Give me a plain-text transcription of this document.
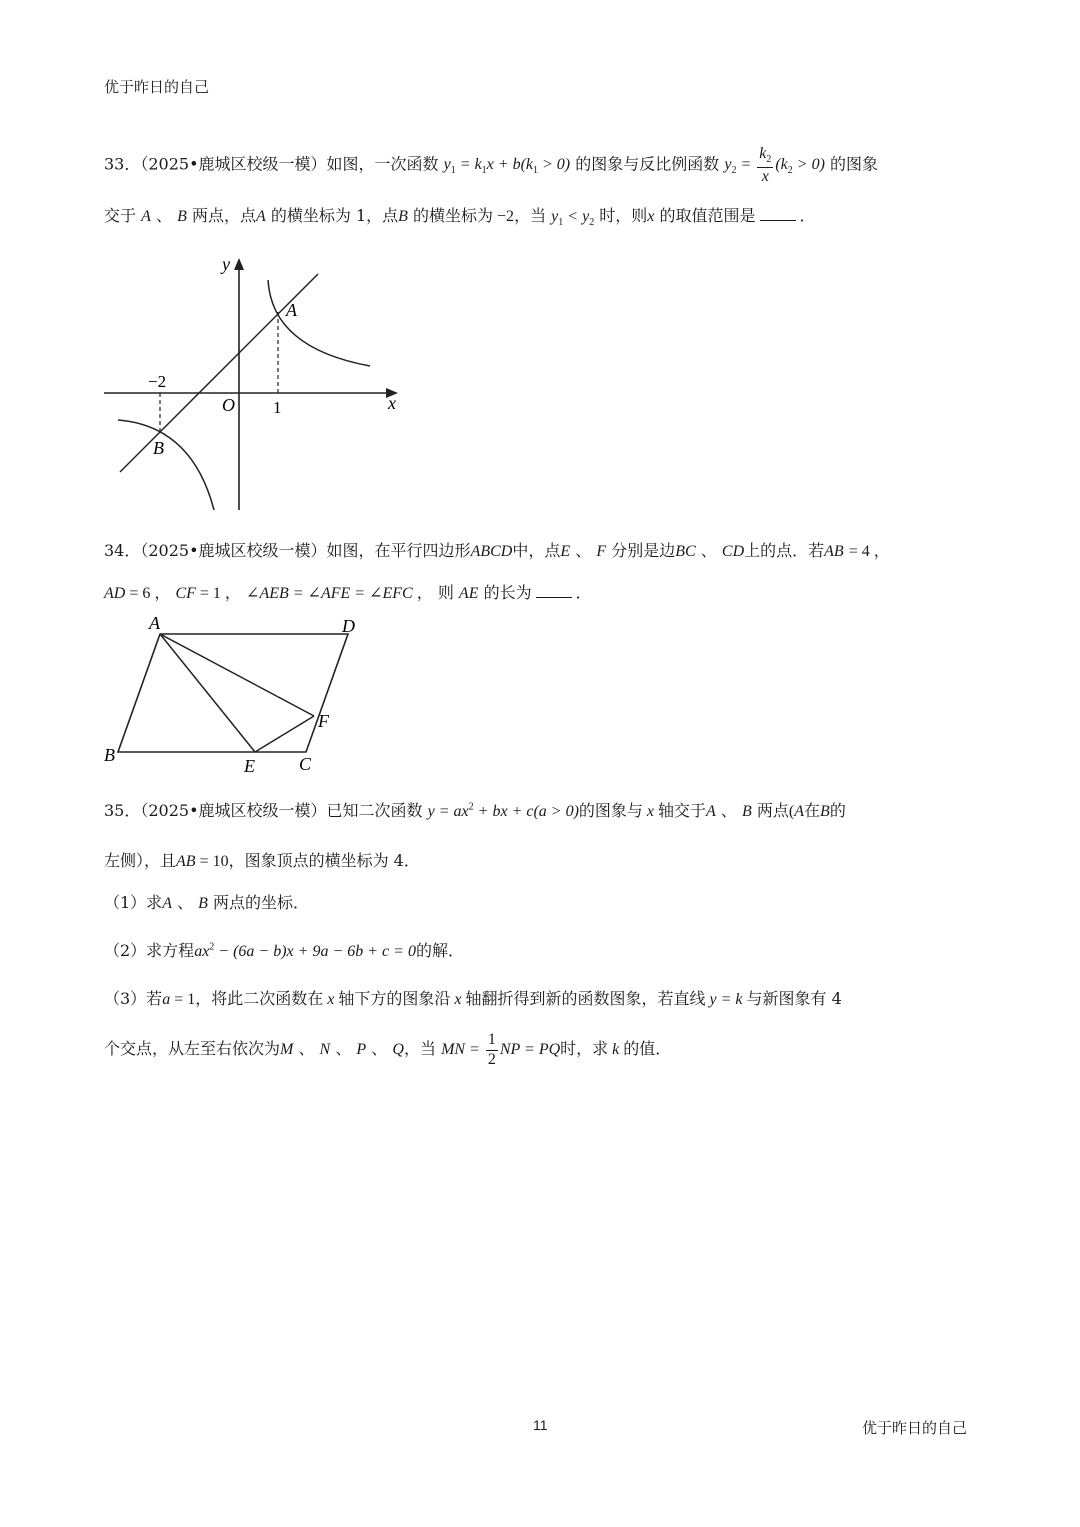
优于昨日的自己
33．（2025•鹿城区校级一模）如图，一次函数 $y_1 = k_1x + b(k_1 > 0)$ 的图象与反比例函数 $y_2 = \frac{k_2}{x} (k_2 > 0)$ 的图象
交于 A 、 B 两点，点A 的横坐标为 1，点B 的横坐标为 −2，当 $y_1 < y_2$ 时，则x 的取值范围是	．
y
x
O
A
B
−2
1
34．（2025•鹿城区校级一模）如图，在平行四边形ABCD中，点E 、 F 分别是边BC 、 CD上的点．若AB = 4 ，
AD = 6 ， CF = 1 ， ∠AEB = ∠AFE = ∠EFC ， 则 AE 的长为	．
A	D
B
E C
F
35．（2025•鹿城区校级一模）已知二次函数 $y = ax^2$ + bx + c(a > 0)的图象与 x 轴交于A 、 B 两点(A在B的
左侧），且AB = 10，图象顶点的横坐标为 4．
（1）求A 、 B 两点的坐标．
（2）求方程$ax^2 - (6a - b)x + 9a - 6b + c = 0$的解．
（3）若a = 1，将此二次函数在 x 轴下方的图象沿 x 轴翻折得到新的函数图象，若直线 y = k 与新图象有 4
个交点，从左至右依次为M 、 N 、 P 、 Q，当 MN = $\frac{1}{2}$ NP = PQ时，求 k 的值．
11	优于昨日的自己
